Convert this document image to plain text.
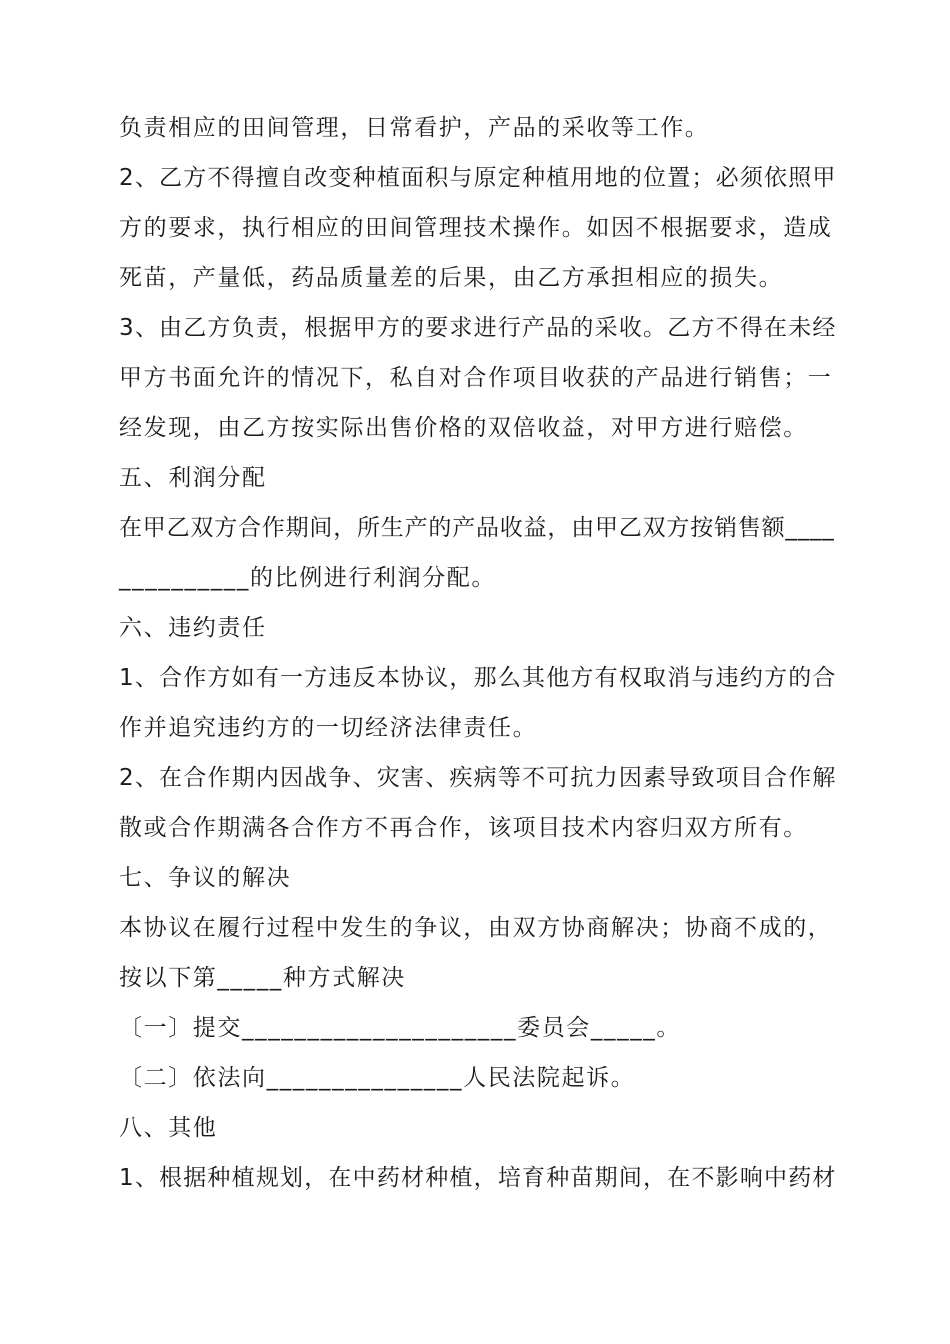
负责相应的田间管理，日常看护，产品的采收等工作。
2、乙方不得擅自改变种植面积与原定种植用地的位置；必须依照甲
方的要求，执行相应的田间管理技术操作。如因不根据要求，造成
死苗，产量低，药品质量差的后果，由乙方承担相应的损失。
3、由乙方负责，根据甲方的要求进行产品的采收。乙方不得在未经
甲方书面允许的情况下，私自对合作项目收获的产品进行销售；一
经发现，由乙方按实际出售价格的双倍收益，对甲方进行赔偿。
五、利润分配
在甲乙双方合作期间，所生产的产品收益，由甲乙双方按销售额____
__________的比例进行利润分配。
六、违约责任
1、合作方如有一方违反本协议，那么其他方有权取消与违约方的合
作并追究违约方的一切经济法律责任。
2、在合作期内因战争、灾害、疾病等不可抗力因素导致项目合作解
散或合作期满各合作方不再合作，该项目技术内容归双方所有。
七、争议的解决
本协议在履行过程中发生的争议，由双方协商解决；协商不成的，
按以下第_____种方式解决
〔一〕提交_____________________委员会_____。
〔二〕依法向_______________人民法院起诉。
八、其他
1、根据种植规划，在中药材种植，培育种苗期间，在不影响中药材
